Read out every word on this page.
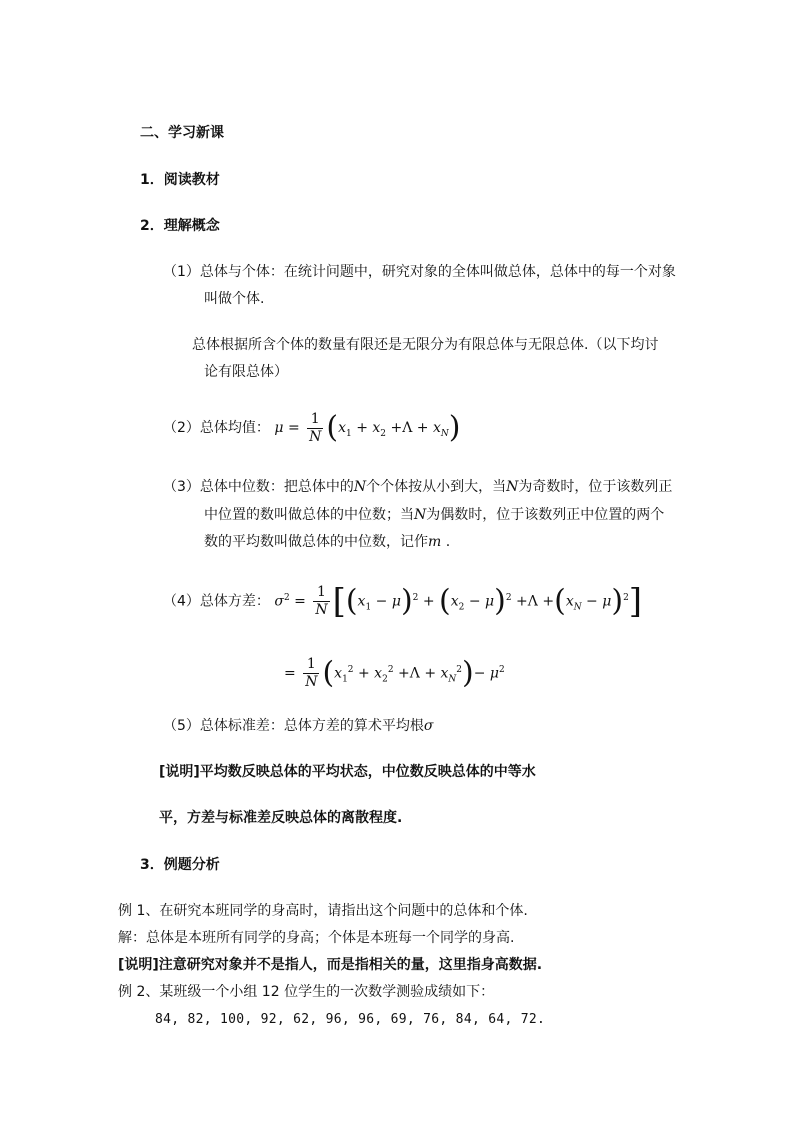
二、学习新课
1．阅读教材
2．理解概念
（1）总体与个体：在统计问题中，研究对象的全体叫做总体，总体中的每一个对象
叫做个体.
总体根据所含个体的数量有限还是无限分为有限总体与无限总体.（以下均讨
论有限总体）
（2）总体均值： $\mu = \frac{1}{N} (x_1 + x_2 +\Lambda + x_N)$
（3）总体中位数：把总体中的N个个体按从小到大，当N为奇数时，位于该数列正
中位置的数叫做总体的中位数；当N为偶数时，位于该数列正中位置的两个
数的平均数叫做总体的中位数，记作m .
（4）总体方差： $\sigma^2 = \frac{1}{N} [(x_1 - \mu)^2 + (x_2 - \mu)^2 +\Lambda +(x_N - \mu)^2]$
= $\frac{1}{N} (x_1^2 + x_2^2 +\Lambda + x_N^2)- \mu^2$
（5）总体标准差：总体方差的算术平均根σ
[说明]平均数反映总体的平均状态，中位数反映总体的中等水
平，方差与标准差反映总体的离散程度.
3．例题分析
例 1、在研究本班同学的身高时，请指出这个问题中的总体和个体.
解：总体是本班所有同学的身高；个体是本班每一个同学的身高.
[说明]注意研究对象并不是指人，而是指相关的量，这里指身高数据.
例 2、某班级一个小组 12 位学生的一次数学测验成绩如下：
84, 82, 100, 92, 62, 96, 96, 69, 76, 84, 64, 72.
